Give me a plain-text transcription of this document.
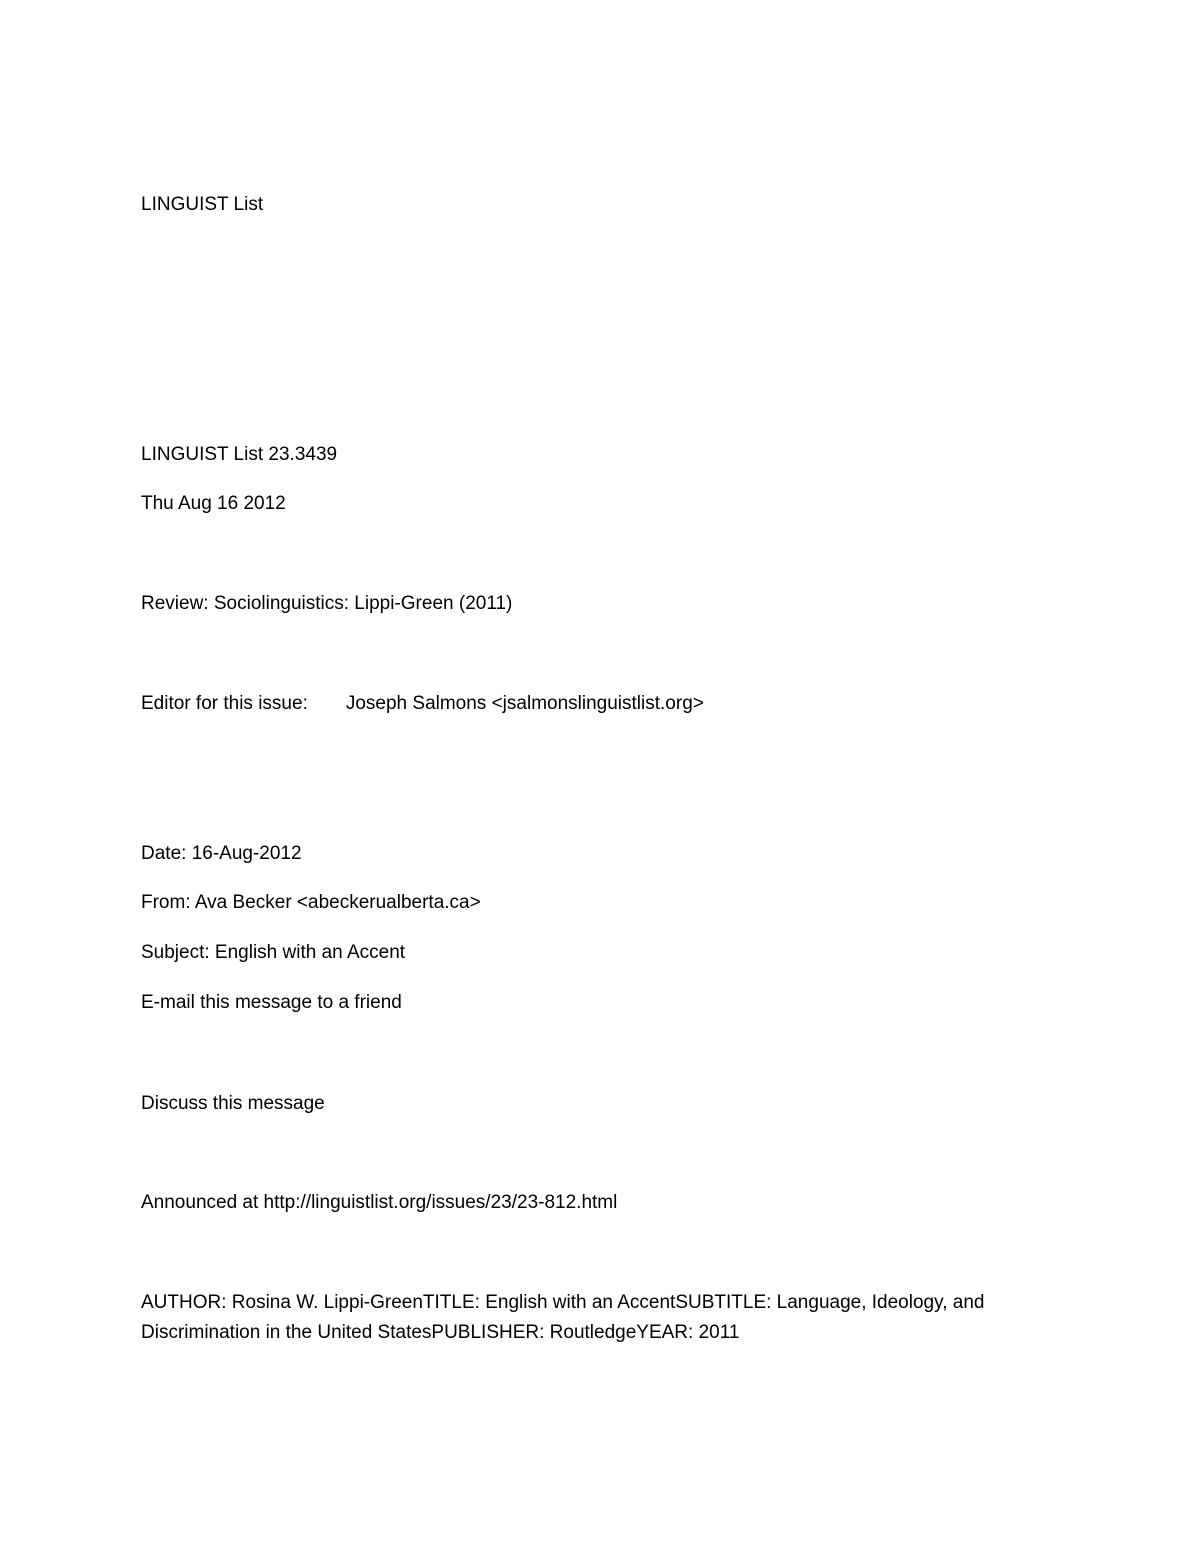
LINGUIST List

LINGUIST List 23.3439

Thu Aug 16 2012

Review: Sociolinguistics: Lippi-Green (2011)

Editor for this issue: Joseph Salmons <jsalmonslinguistlist.org>

Date: 16-Aug-2012

From: Ava Becker <abeckerualberta.ca>

Subject: English with an Accent

E-mail this message to a friend

Discuss this message

Announced at http://linguistlist.org/issues/23/23-812.html

AUTHOR: Rosina W. Lippi-GreenTITLE: English with an AccentSUBTITLE: Language, Ideology, and

Discrimination in the United StatesPUBLISHER: RoutledgeYEAR: 2011
